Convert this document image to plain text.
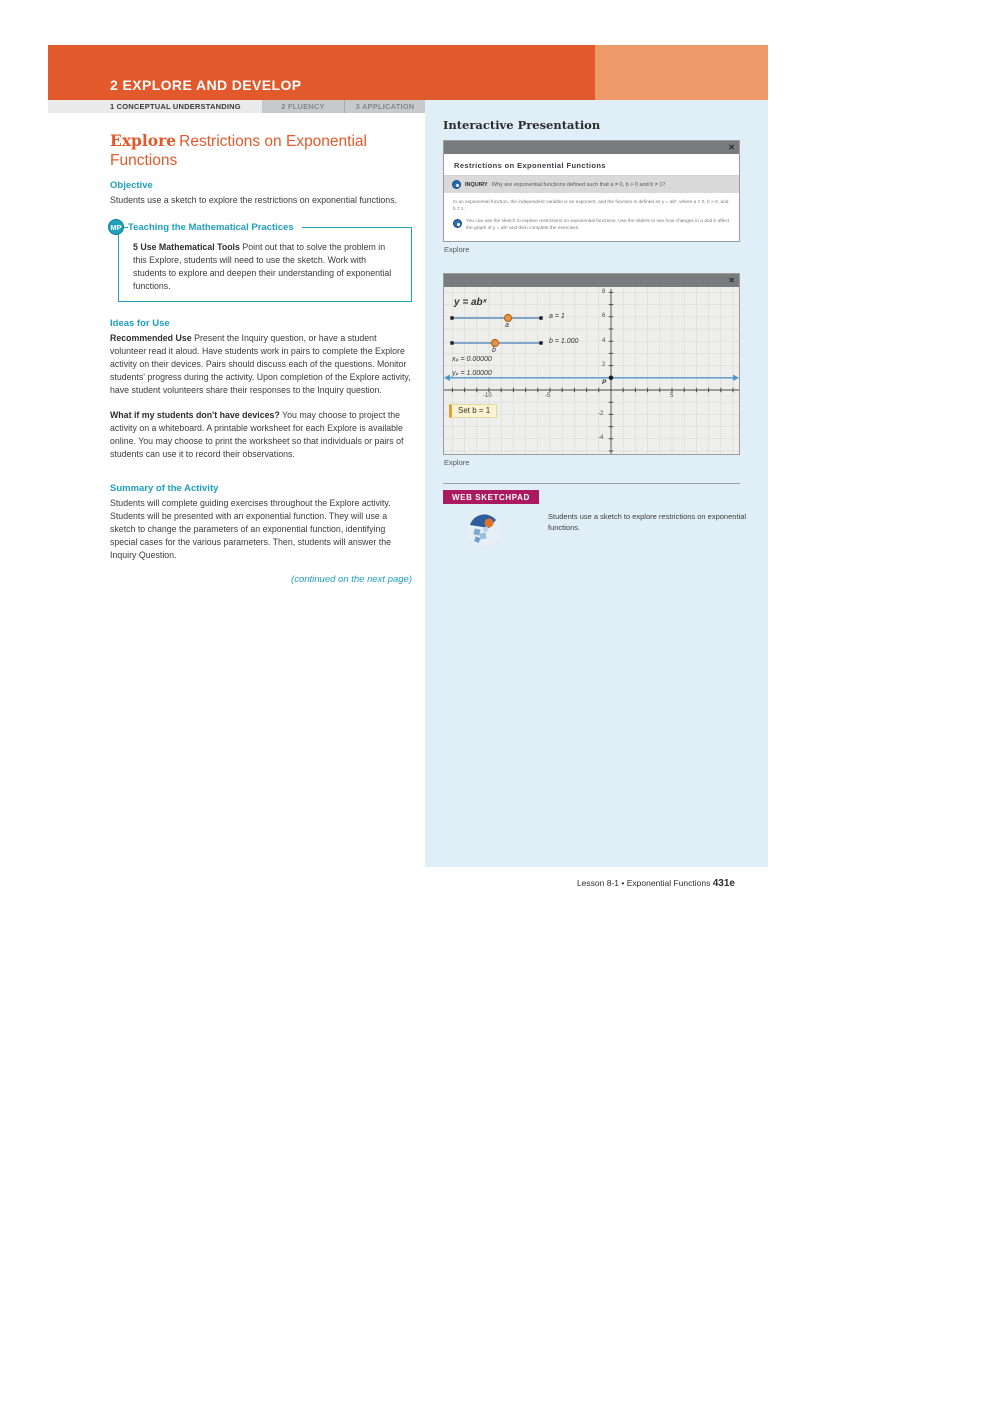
2 EXPLORE AND DEVELOP
1 CONCEPTUAL UNDERSTANDING	2 FLUENCY	3 APPLICATION
Explore Restrictions on Exponential Functions
Objective

Students use a sketch to explore the restrictions on exponential functions.

MP Teaching the Mathematical Practices

5 Use Mathematical Tools Point out that to solve the problem in this Explore, students will need to use the sketch. Work with students to explore and deepen their understanding of exponential functions.

Ideas for Use

Recommended Use Present the Inquiry question, or have a student volunteer read it aloud. Have students work in pairs to complete the Explore activity on their devices. Pairs should discuss each of the questions. Monitor students' progress during the activity. Upon completion of the Explore activity, have student volunteers share their responses to the Inquiry question.

What if my students don't have devices? You may choose to project the activity on a whiteboard. A printable worksheet for each Explore is available online. You may choose to print the worksheet so that individuals or pairs of students can use it to record their observations.

Summary of the Activity

Students will complete guiding exercises throughout the Explore activity. Students will be presented with an exponential function. They will use a sketch to change the parameters of an exponential function, identifying special cases for the various parameters. Then, students will answer the Inquiry Question.

(continued on the next page)
Interactive Presentation
✕
Restrictions on Exponential Functions
INQUIRY Why are exponential functions defined such that a ≠ 0, b > 0 and b ≠ 1?
In an exponential function, the independent variable is an exponent, and the function is defined as y = abˣ, where a ≠ 0, b > 0, and b ≠ 1.
You can use the sketch to explore restrictions on exponential functions. Use the sliders to see how changes in a and b affect the graph of y = abˣ and then complete the exercises.
Explore
✕
y = abˣ
a
a = 1
b
b = 1.000
xₚ = 0.00000
yₚ = 1.00000
P
-10	-5	5
8
6
4
2
-2
-4
Set b = 1
Explore
WEB SKETCHPAD
Students use a sketch to explore restrictions on exponential functions.
Lesson 8-1 • Exponential Functions 431e
